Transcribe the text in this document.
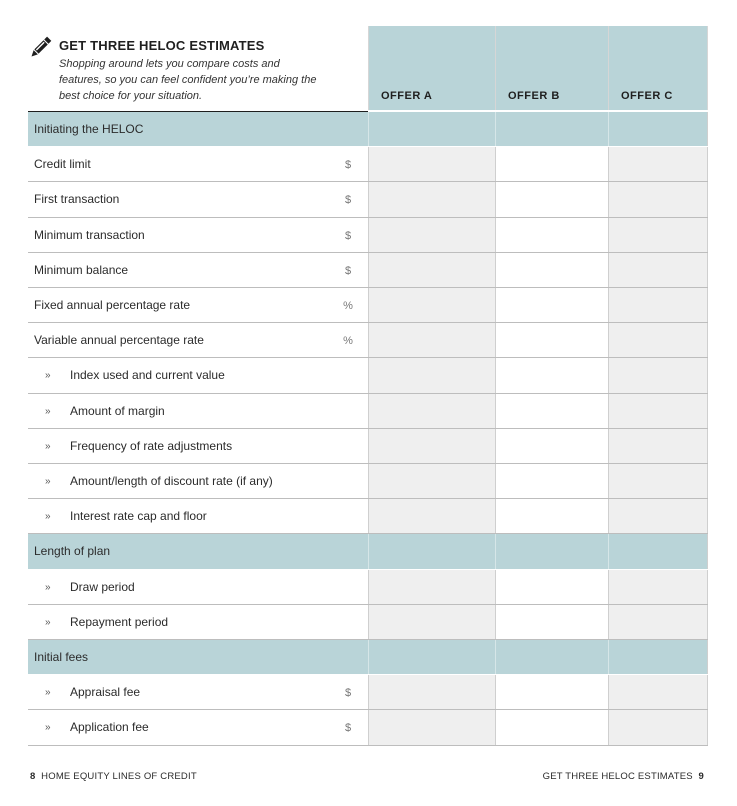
GET THREE HELOC ESTIMATES
Shopping around lets you compare costs and features, so you can feel confident you’re making the best choice for your situation.	OFFER A	OFFER B	OFFER C
Initiating the HELOC
Credit limit	$
First transaction	$
Minimum transaction	$
Minimum balance	$
Fixed annual percentage rate	%
Variable annual percentage rate	%
» Index used and current value
» Amount of margin
» Frequency of rate adjustments
» Amount/length of discount rate (if any)
» Interest rate cap and floor
Length of plan
» Draw period
» Repayment period
Initial fees
» Appraisal fee	$
» Application fee	$
8 HOME EQUITY LINES OF CREDIT	GET THREE HELOC ESTIMATES 9
